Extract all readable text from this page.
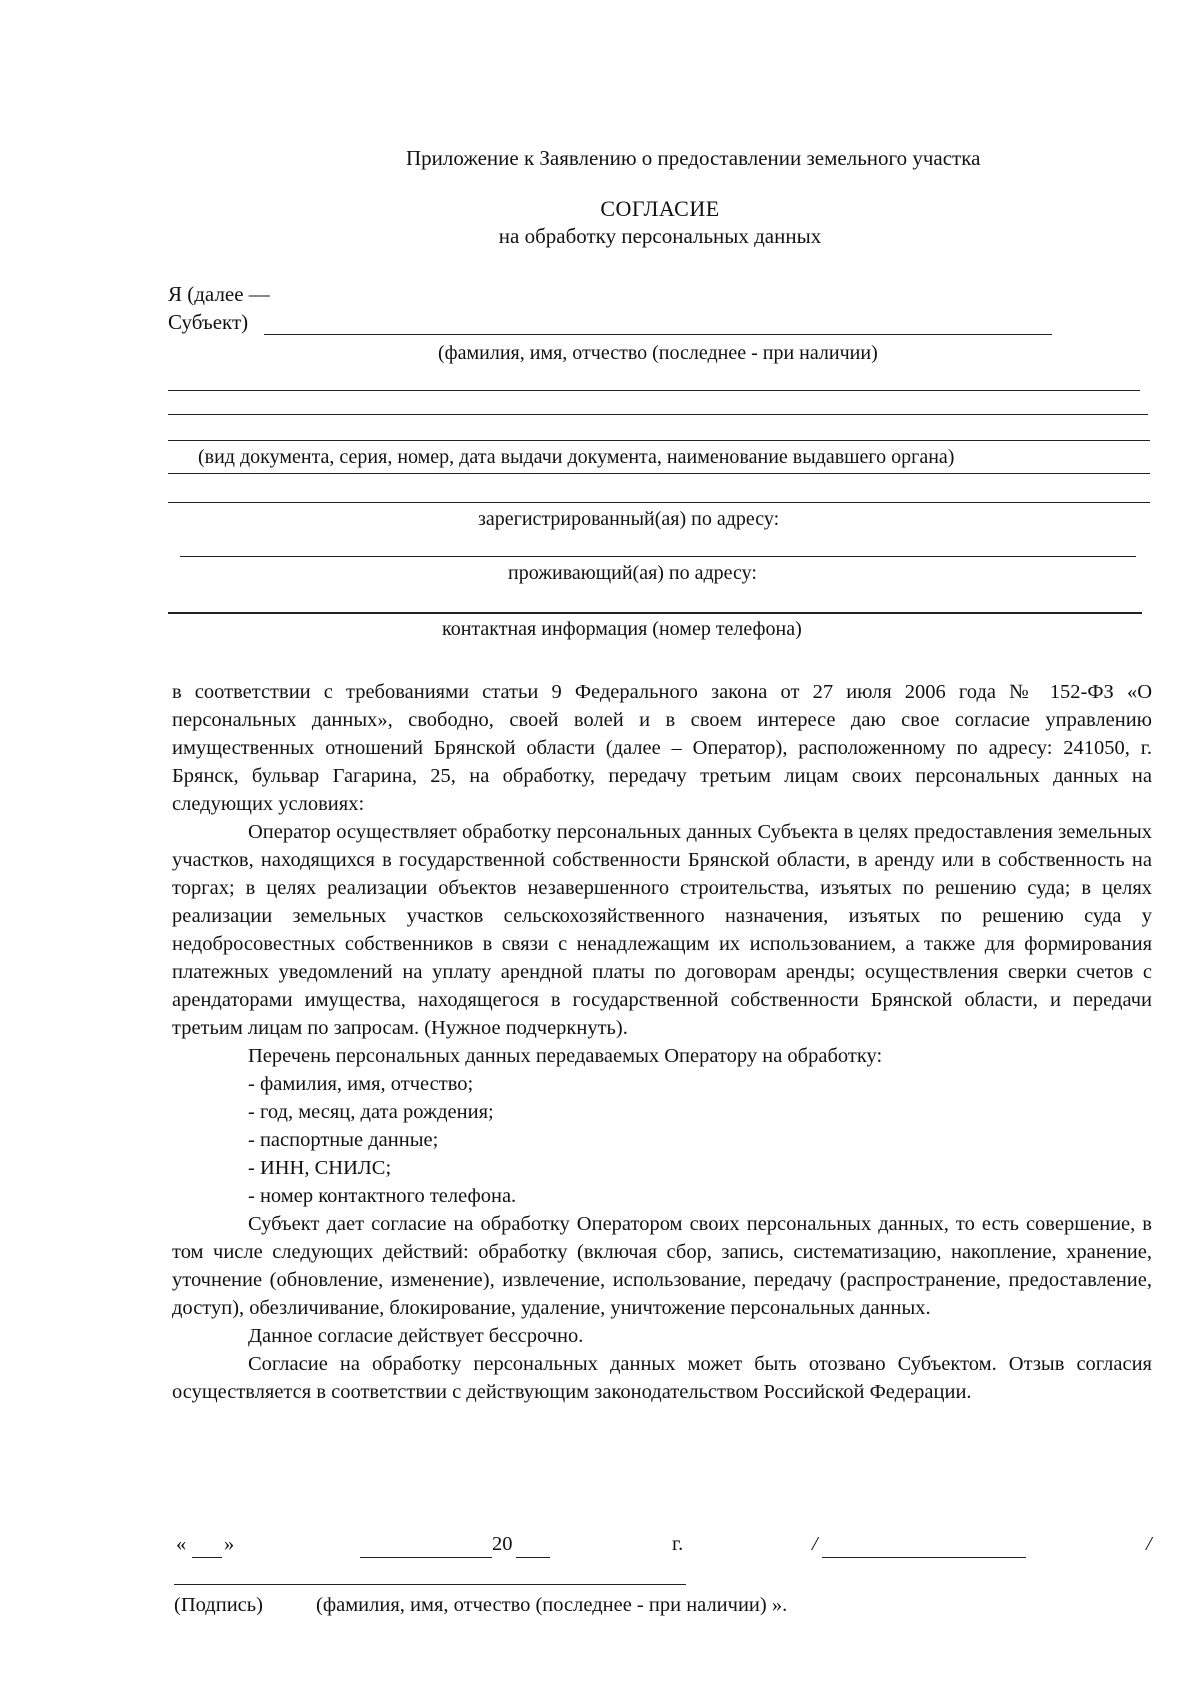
Приложение к Заявлению о предоставлении земельного участка
СОГЛАСИЕ
на обработку персональных данных
Я (далее —
Субъект)
(фамилия, имя, отчество (последнее - при наличии)
(вид документа, серия, номер, дата выдачи документа, наименование выдавшего органа)
зарегистрированный(ая) по адресу:
проживающий(ая) по адресу:
контактная информация (номер телефона)

в соответствии с требованиями статьи 9 Федерального закона от 27 июля 2006 года № 152-ФЗ «О персональных данных», свободно, своей волей и в своем интересе даю свое согласие управлению имущественных отношений Брянской области (далее – Оператор), расположенному по адресу: 241050, г. Брянск, бульвар Гагарина, 25, на обработку, передачу третьим лицам своих персональных данных на следующих условиях:

Оператор осуществляет обработку персональных данных Субъекта в целях предоставления земельных участков, находящихся в государственной собственности Брянской области, в аренду или в собственность на торгах; в целях реализации объектов незавершенного строительства, изъятых по решению суда; в целях реализации земельных участков сельскохозяйственного назначения, изъятых по решению суда у недобросовестных собственников в связи с ненадлежащим их использованием, а также для формирования платежных уведомлений на уплату арендной платы по договорам аренды; осуществления сверки счетов с арендаторами имущества, находящегося в государственной собственности Брянской области, и передачи третьим лицам по запросам. (Нужное подчеркнуть).

Перечень персональных данных передаваемых Оператору на обработку:

- фамилия, имя, отчество;

- год, месяц, дата рождения;

- паспортные данные;

- ИНН, СНИЛС;

- номер контактного телефона.

Субъект дает согласие на обработку Оператором своих персональных данных, то есть совершение, в том числе следующих действий: обработку (включая сбор, запись, систематизацию, накопление, хранение, уточнение (обновление, изменение), извлечение, использование, передачу (распространение, предоставление, доступ), обезличивание, блокирование, удаление, уничтожение персональных данных.

Данное согласие действует бессрочно.

Согласие на обработку персональных данных может быть отозвано Субъектом. Отзыв согласия осуществляется в соответствии с действующим законодательством Российской Федерации.

« »	20	г.	/	/
(Подпись)	(фамилия, имя, отчество (последнее - при наличии) ».
